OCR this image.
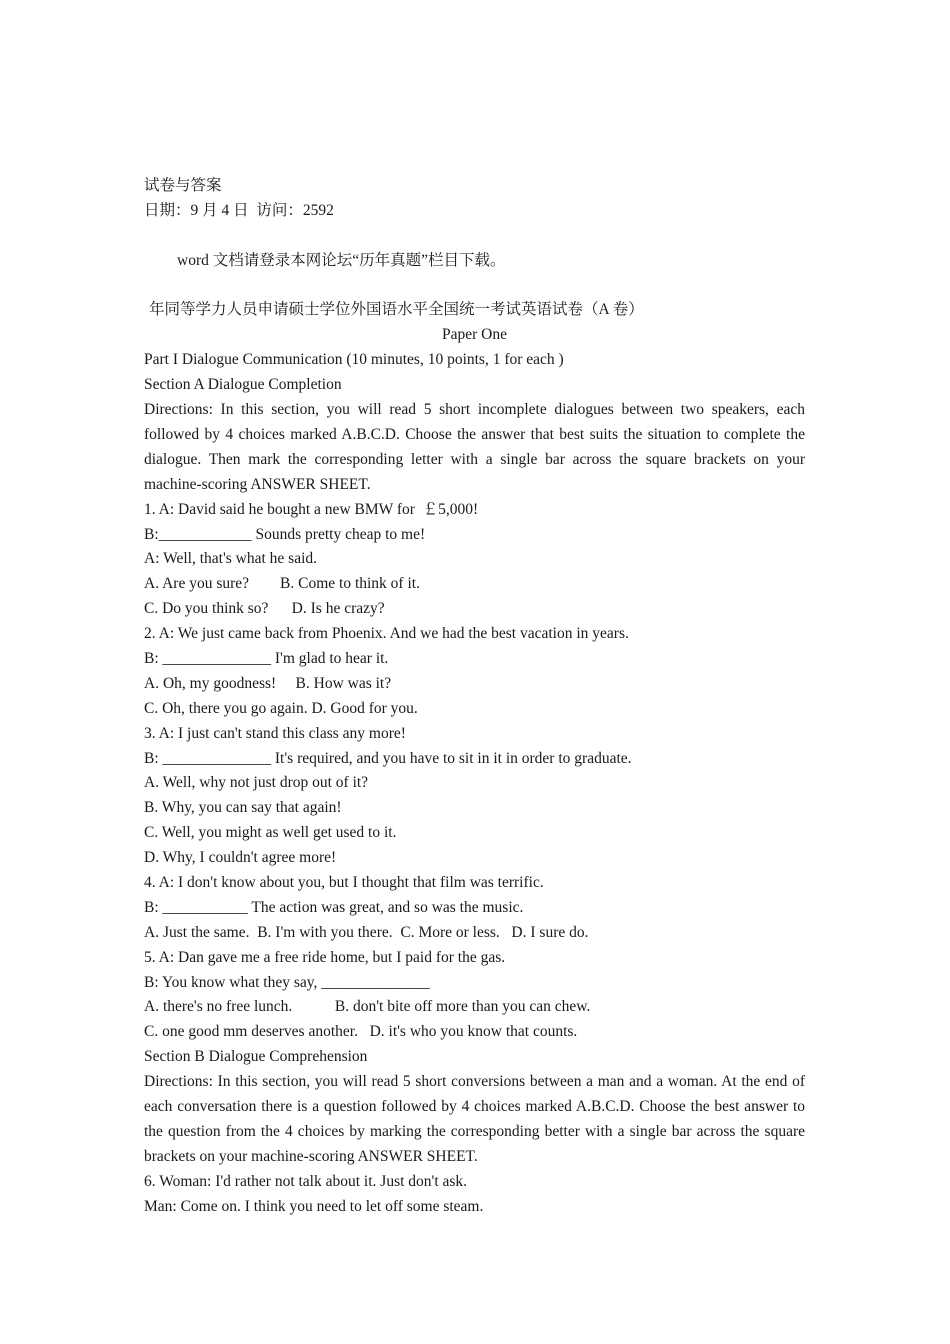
试卷与答案
日期：9 月 4 日  访问：2592
word 文档请登录本网论坛“历年真题”栏目下载。
年同等学力人员申请硕士学位外国语水平全国统一考试英语试卷（A 卷）
Paper One
Part I Dialogue Communication (10 minutes, 10 points, 1 for each )
Section A Dialogue Completion

Directions: In this section, you will read 5 short incomplete dialogues between two speakers, each followed by 4 choices marked A.B.C.D. Choose the answer that best suits the situation to complete the dialogue. Then mark the corresponding letter with a single bar across the square brackets on your machine-scoring ANSWER SHEET.

1. A: David said he bought a new BMW for  ￡5,000!
B:____________ Sounds pretty cheap to me!
A: Well, that's what he said.
A. Are you sure?        B. Come to think of it.
C. Do you think so?      D. Is he crazy?
2. A: We just came back from Phoenix. And we had the best vacation in years.
B: ______________ I'm glad to hear it.
A. Oh, my goodness!     B. How was it?
C. Oh, there you go again. D. Good for you.
3. A: I just can't stand this class any more!
B: ______________ It's required, and you have to sit in it in order to graduate.
A. Well, why not just drop out of it?
B. Why, you can say that again!
C. Well, you might as well get used to it.
D. Why, I couldn't agree more!
4. A: I don't know about you, but I thought that film was terrific.
B: ___________ The action was great, and so was the music.
A. Just the same.  B. I'm with you there.  C. More or less.   D. I sure do.
5. A: Dan gave me a free ride home, but I paid for the gas.
B: You know what they say, ______________
A. there's no free lunch.           B. don't bite off more than you can chew.
C. one good mm deserves another.   D. it's who you know that counts.
Section B Dialogue Comprehension

Directions: In this section, you will read 5 short conversions between a man and a woman. At the end of each conversation there is a question followed by 4 choices marked A.B.C.D. Choose the best answer to the question from the 4 choices by marking the corresponding better with a single bar across the square brackets on your machine-scoring ANSWER SHEET.

6. Woman: I'd rather not talk about it. Just don't ask.
Man: Come on. I think you need to let off some steam.
